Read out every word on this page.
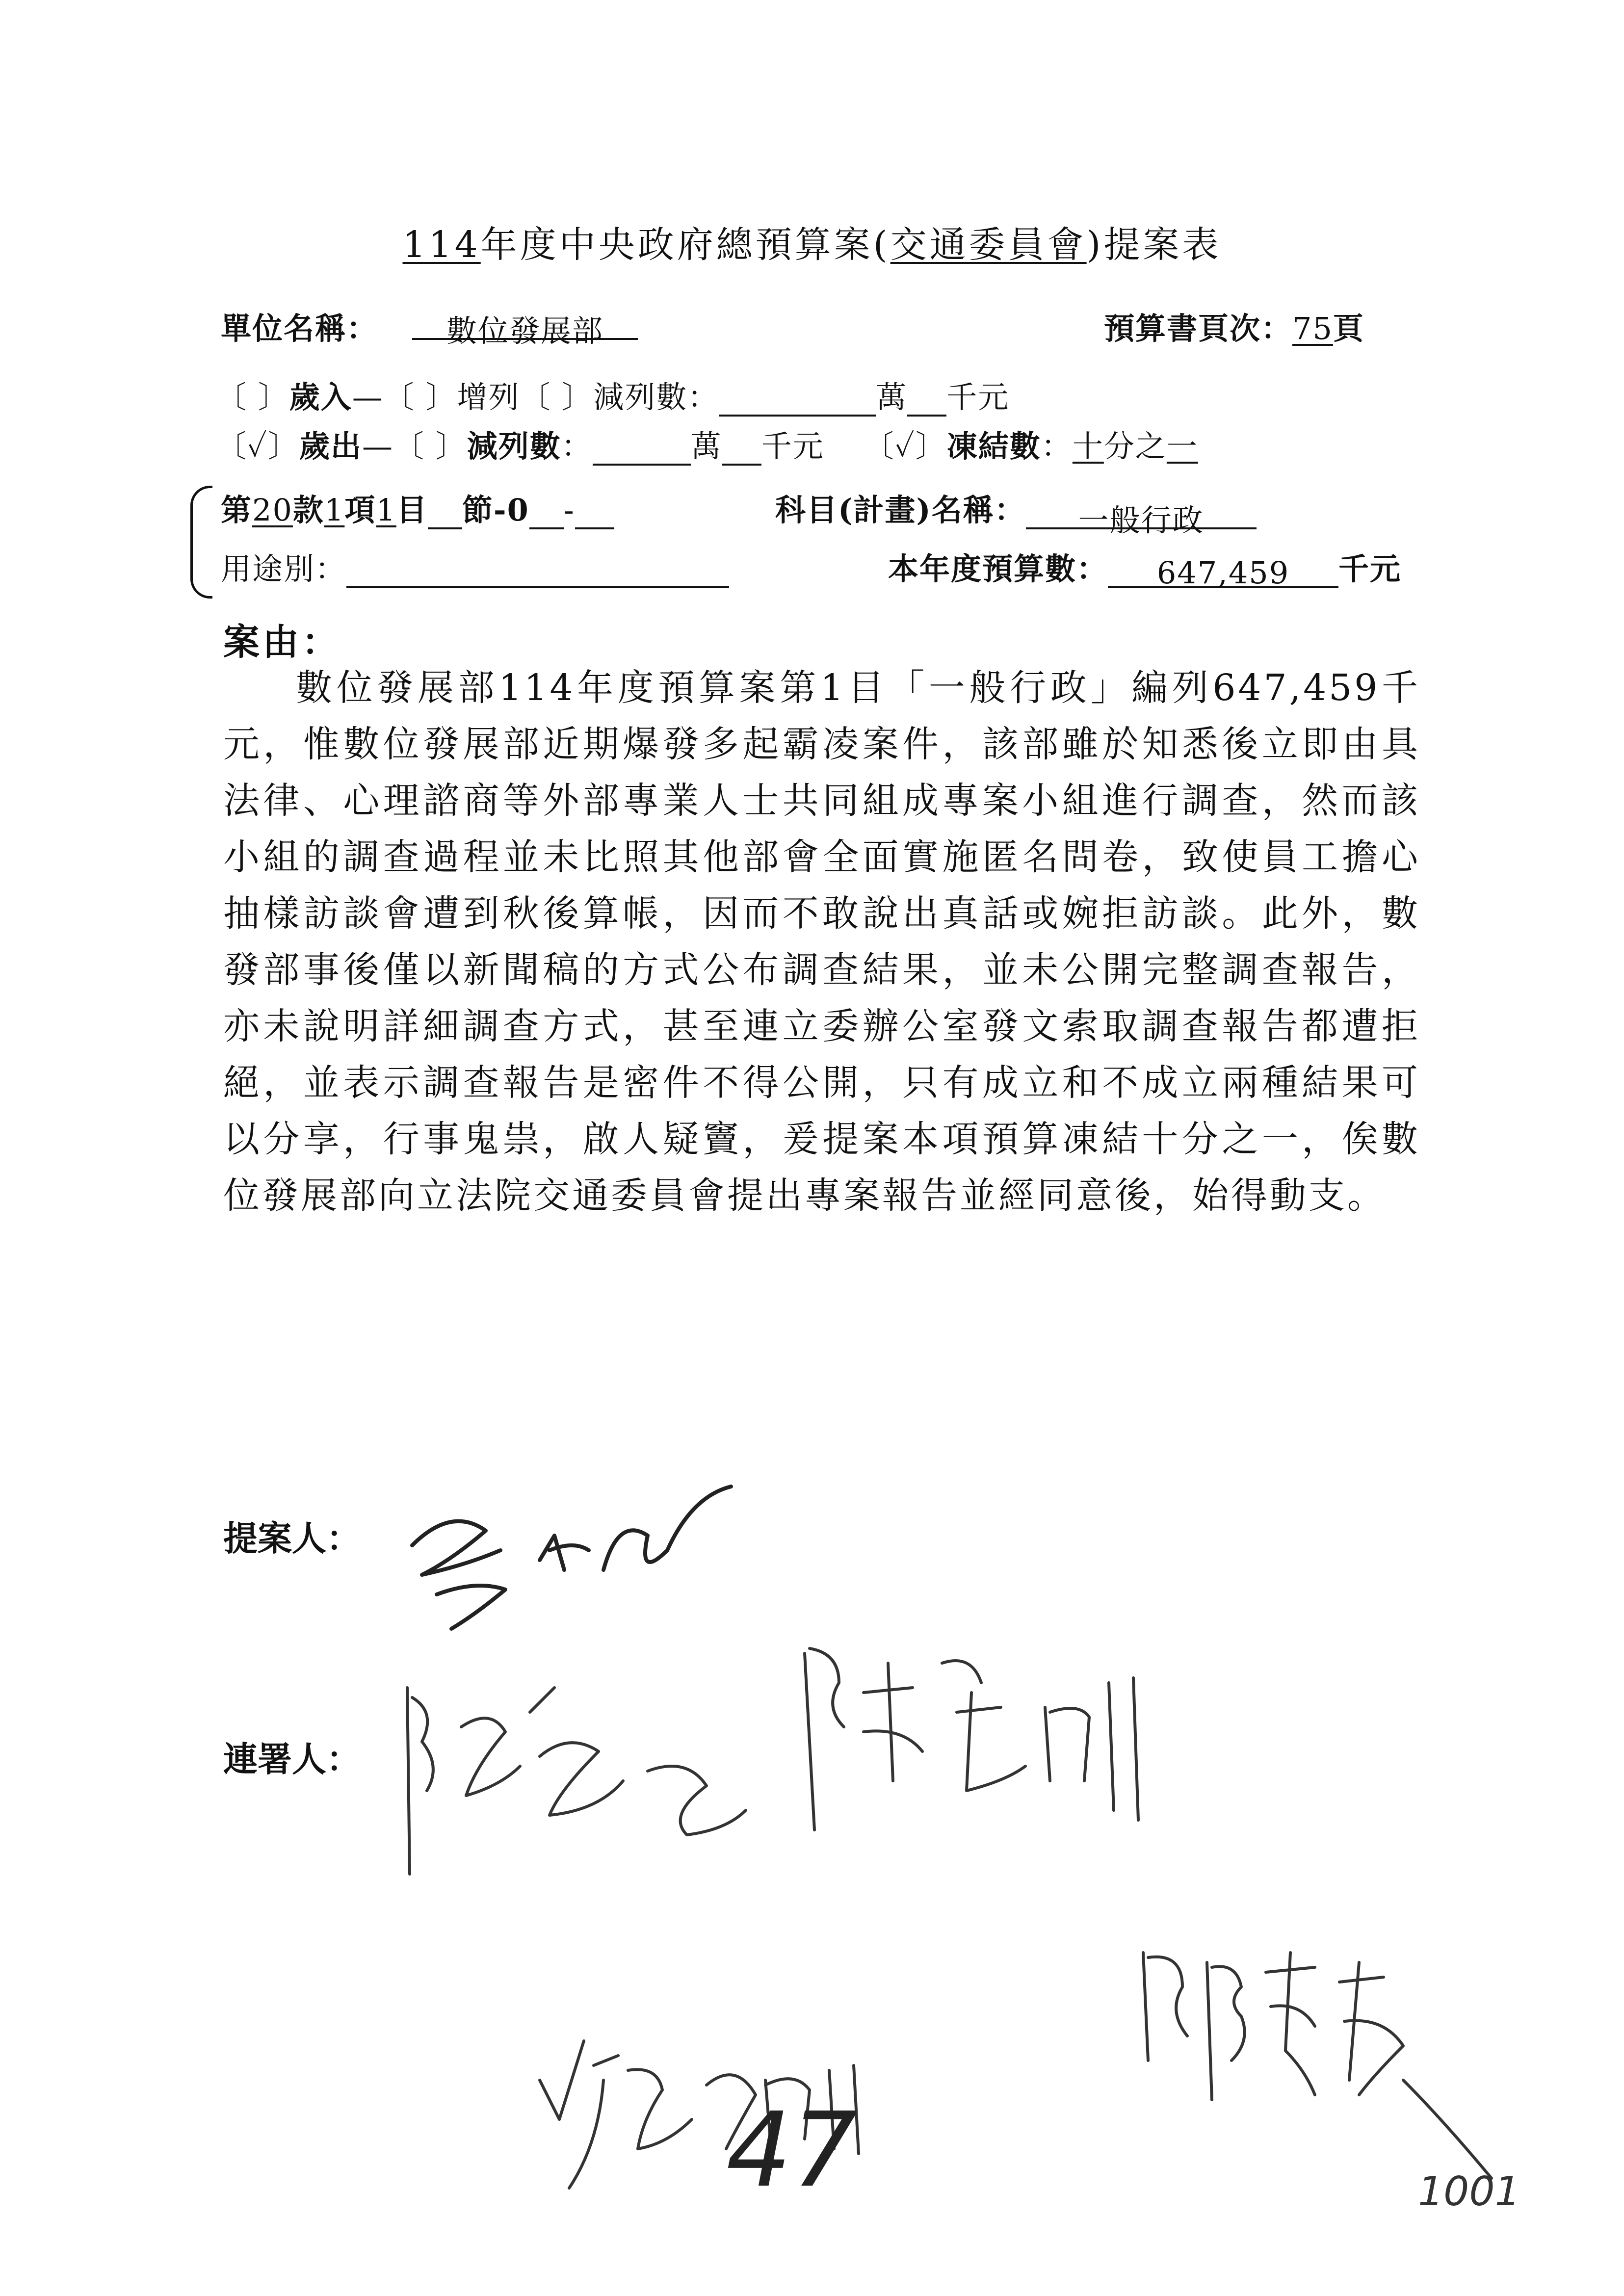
114年度中央政府總預算案(交通委員會)提案表
單位名稱：	數位發展部	預算書頁次：75頁
〔 〕歲入—〔 〕增列〔 〕減列數：	萬 千元
〔✓〕歲出—〔 〕減列數：	萬 千元 〔✓〕凍結數：十分之一
第20款1項1目 節-0 -	科目(計畫)名稱： 一般行政
用途別：	本年度預算數： 647,459 千元
案由：

數位發展部114年度預算案第1目「一般行政」編列647,459千元，惟數位發展部近期爆發多起霸凌案件，該部雖於知悉後立即由具法律、心理諮商等外部專業人士共同組成專案小組進行調查，然而該小組的調查過程並未比照其他部會全面實施匿名問卷，致使員工擔心抽樣訪談會遭到秋後算帳，因而不敢說出真話或婉拒訪談。此外，數發部事後僅以新聞稿的方式公布調查結果，並未公開完整調查報告，亦未說明詳細調查方式，甚至連立委辦公室發文索取調查報告都遭拒絕，並表示調查報告是密件不得公開，只有成立和不成立兩種結果可以分享，行事鬼祟，啟人疑竇，爰提案本項預算凍結十分之一，俟數位發展部向立法院交通委員會提出專案報告並經同意後，始得動支。

提案人：
連署人：
47	1001
